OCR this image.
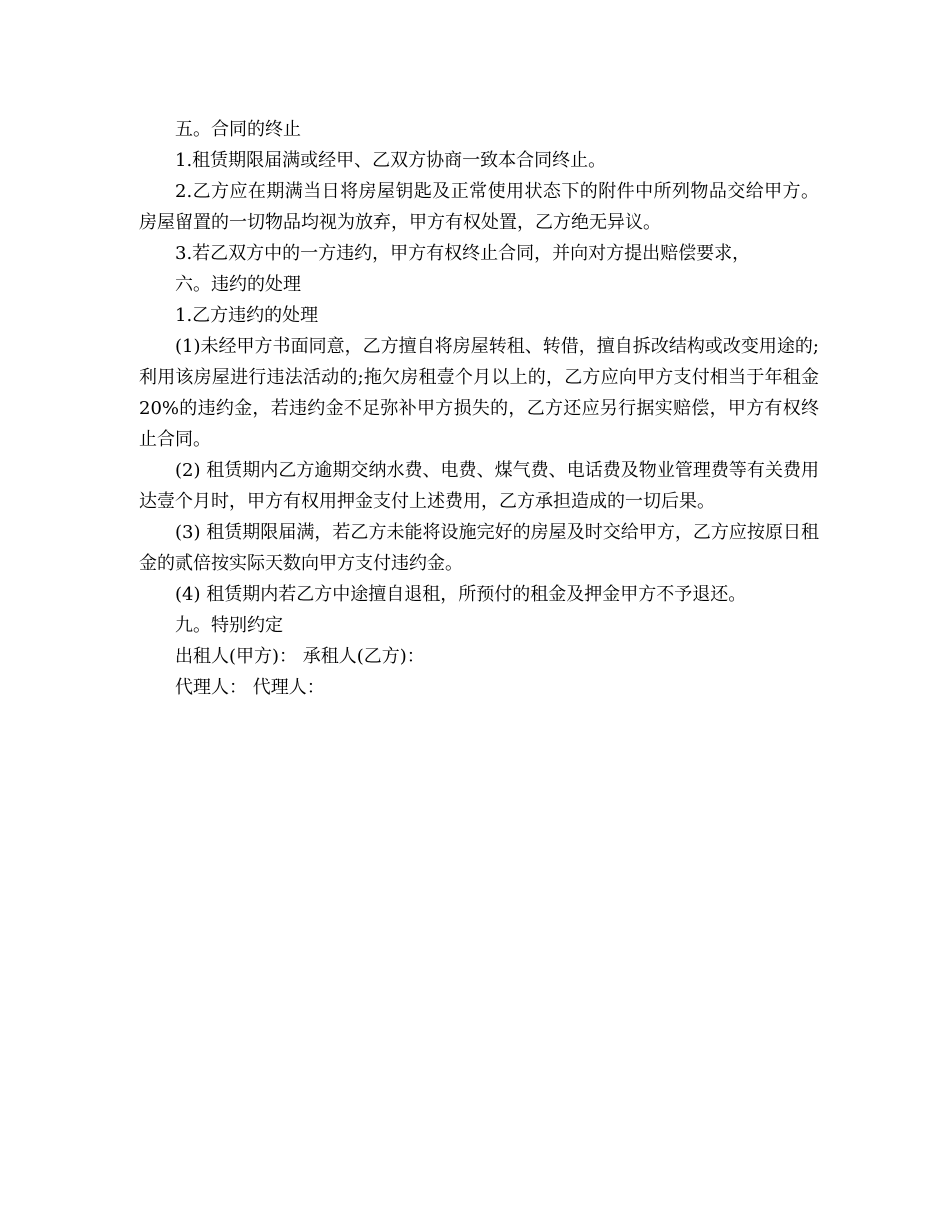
五。合同的终止

1.租赁期限届满或经甲、乙双方协商一致本合同终止。

2.乙方应在期满当日将房屋钥匙及正常使用状态下的附件中所列物品交给甲方。房屋留置的一切物品均视为放弃，甲方有权处置，乙方绝无异议。

3.若乙双方中的一方违约，甲方有权终止合同，并向对方提出赔偿要求，

六。违约的处理

1.乙方违约的处理

(1)未经甲方书面同意，乙方擅自将房屋转租、转借，擅自拆改结构或改变用途的;利用该房屋进行违法活动的;拖欠房租壹个月以上的，乙方应向甲方支付相当于年租金20%的违约金，若违约金不足弥补甲方损失的，乙方还应另行据实赔偿，甲方有权终止合同。

(2) 租赁期内乙方逾期交纳水费、电费、煤气费、电话费及物业管理费等有关费用达壹个月时，甲方有权用押金支付上述费用，乙方承担造成的一切后果。

(3) 租赁期限届满，若乙方未能将设施完好的房屋及时交给甲方，乙方应按原日租金的贰倍按实际天数向甲方支付违约金。

(4) 租赁期内若乙方中途擅自退租，所预付的租金及押金甲方不予退还。

九。特别约定

出租人(甲方)： 承租人(乙方)：

代理人： 代理人：
